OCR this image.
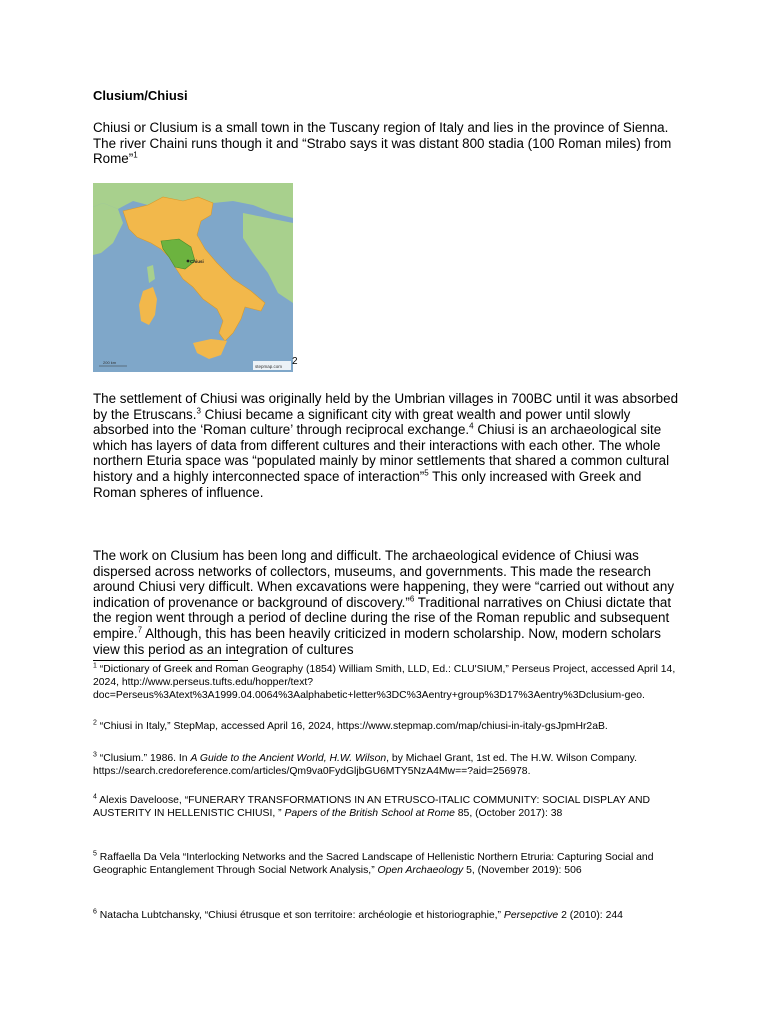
Clusium/Chiusi
Chiusi or Clusium is a small town in the Tuscany region of Italy and lies in the province of Sienna. The river Chaini runs though it and “Strabo says it was distant 800 stadia (100 Roman miles) from Rome”$^1$
Chiusi
200 km
stepmap.com 2
The settlement of Chiusi was originally held by the Umbrian villages in 700BC until it was absorbed by the Etruscans.$^3$ Chiusi became a significant city with great wealth and power until slowly absorbed into the ‘Roman culture’ through reciprocal exchange.$^4$ Chiusi is an archaeological site which has layers of data from different cultures and their interactions with each other. The whole northern Eturia space was “populated mainly by minor settlements that shared a common cultural history and a highly interconnected space of interaction”$^5$ This only increased with Greek and Roman spheres of influence.
The work on Clusium has been long and difficult. The archaeological evidence of Chiusi was dispersed across networks of collectors, museums, and governments. This made the research around Chiusi very difficult. When excavations were happening, they were “carried out without any indication of provenance or background of discovery.”$^6$ Traditional narratives on Chiusi dictate that the region went through a period of decline during the rise of the Roman republic and subsequent empire.$^7$ Although, this has been heavily criticized in modern scholarship. Now, modern scholars view this period as an integration of cultures
$^1$ “Dictionary of Greek and Roman Geography (1854) William Smith, LLD, Ed.: CLU'SIUM,” Perseus Project, accessed April 14, 2024, http://www.perseus.tufts.edu/hopper/text?doc=Perseus%3Atext%3A1999.04.0064%3Aalphabetic+letter%3DC%3Aentry+group%3D17%3Aentry%3Dclusium-geo.
$^2$ “Chiusi in Italy,” StepMap, accessed April 16, 2024, https://www.stepmap.com/map/chiusi-in-italy-gsJpmHr2aB.
$^3$ “Clusium.” 1986. In A Guide to the Ancient World, H.W. Wilson, by Michael Grant, 1st ed. The H.W. Wilson Company. https://search.credoreference.com/articles/Qm9va0FydGljbGU6MTY5NzA4Mw==?aid=256978.
$^4$ Alexis Daveloose, “FUNERARY TRANSFORMATIONS IN AN ETRUSCO-ITALIC COMMUNITY: SOCIAL DISPLAY AND AUSTERITY IN HELLENISTIC CHIUSI, ” Papers of the British School at Rome 85, (October 2017): 38
$^5$ Raffaella Da Vela “Interlocking Networks and the Sacred Landscape of Hellenistic Northern Etruria: Capturing Social and Geographic Entanglement Through Social Network Analysis,” Open Archaeology 5, (November 2019): 506
$^6$ Natacha Lubtchansky, “Chiusi étrusque et son territoire: archéologie et historiographie,” Persepctive 2 (2010): 244
